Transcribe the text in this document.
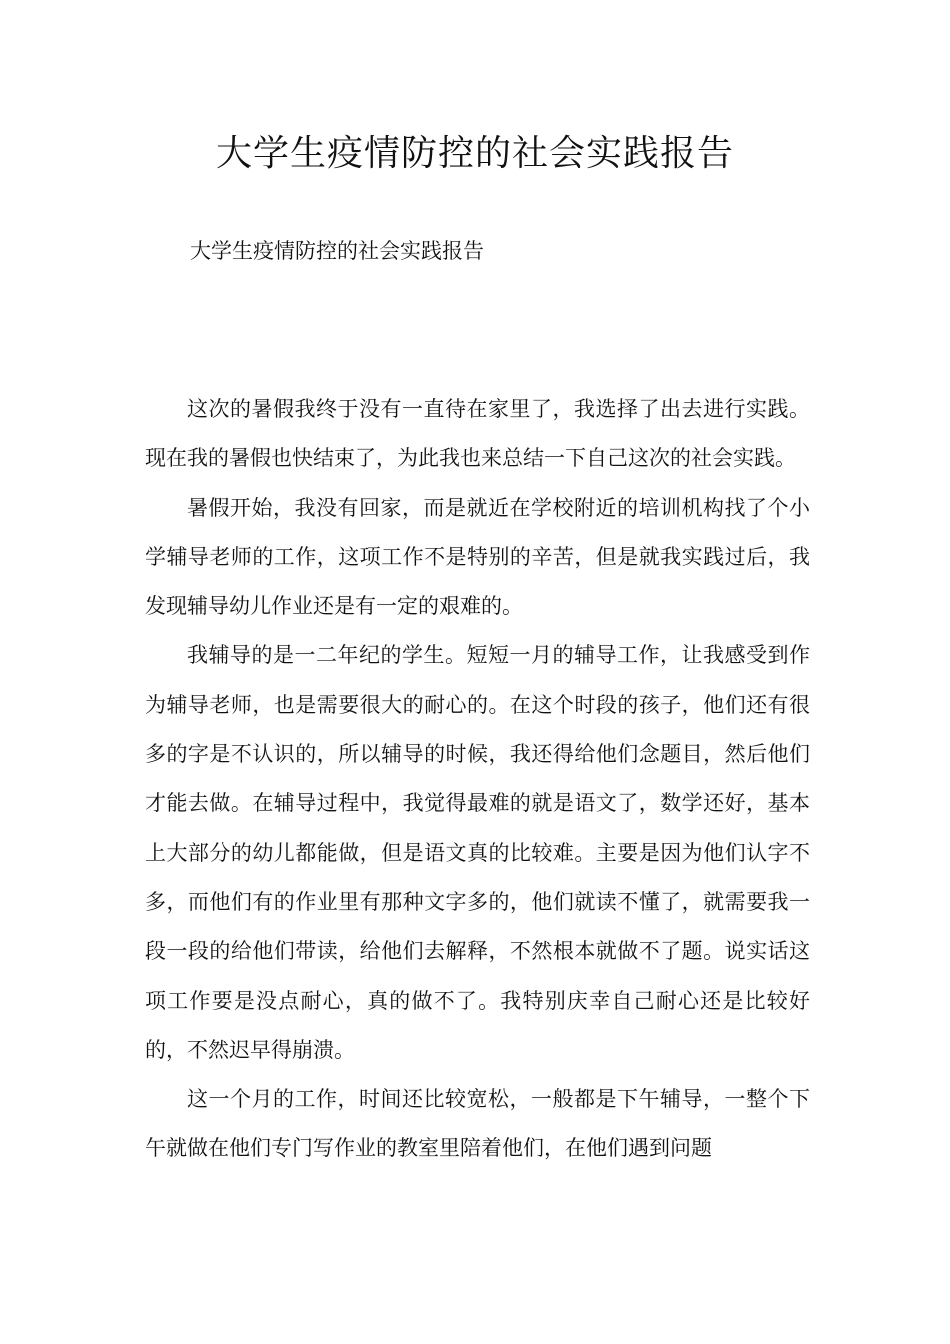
大学生疫情防控的社会实践报告

大学生疫情防控的社会实践报告

这次的暑假我终于没有一直待在家里了，我选择了出去进行实践。现在我的暑假也快结束了，为此我也来总结一下自己这次的社会实践。

暑假开始，我没有回家，而是就近在学校附近的培训机构找了个小学辅导老师的工作，这项工作不是特别的辛苦，但是就我实践过后，我发现辅导幼儿作业还是有一定的艰难的。

我辅导的是一二年纪的学生。短短一月的辅导工作，让我感受到作为辅导老师，也是需要很大的耐心的。在这个时段的孩子，他们还有很多的字是不认识的，所以辅导的时候，我还得给他们念题目，然后他们才能去做。在辅导过程中，我觉得最难的就是语文了，数学还好，基本上大部分的幼儿都能做，但是语文真的比较难。主要是因为他们认字不多，而他们有的作业里有那种文字多的，他们就读不懂了，就需要我一段一段的给他们带读，给他们去解释，不然根本就做不了题。说实话这项工作要是没点耐心，真的做不了。我特别庆幸自己耐心还是比较好的，不然迟早得崩溃。

这一个月的工作，时间还比较宽松，一般都是下午辅导，一整个下午就做在他们专门写作业的教室里陪着他们，在他们遇到问题
